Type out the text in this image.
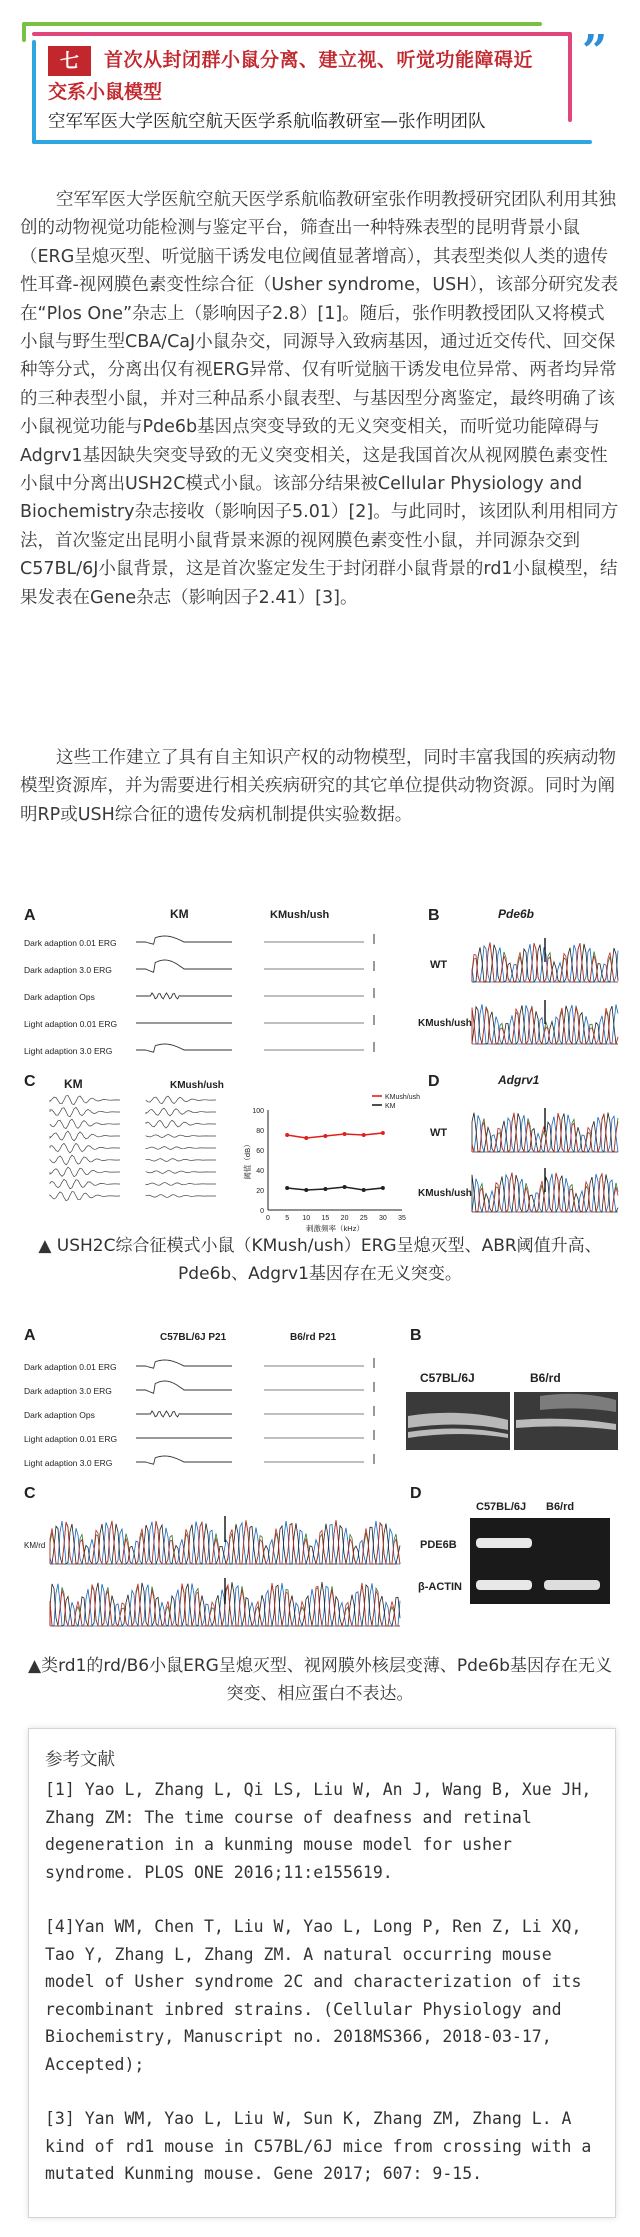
”
七	首次从封闭群小鼠分离、建立视、听觉功能障碍近
交系小鼠模型
空军军医大学医航空航天医学系航临教研室—张作明团队
空军军医大学医航空航天医学系航临教研室张作明教授研究团队利用其独创的动物视觉功能检测与鉴定平台，筛查出一种特殊表型的昆明背景小鼠（ERG呈熄灭型、听觉脑干诱发电位阈值显著增高），其表型类似人类的遗传性耳聋-视网膜色素变性综合征（Usher syndrome，USH），该部分研究发表在“Plos One”杂志上（影响因子2.8）[1]。随后，张作明教授团队又将模式小鼠与野生型CBA/CaJ小鼠杂交，同源导入致病基因，通过近交传代、回交保种等分式，分离出仅有视ERG异常、仅有听觉脑干诱发电位异常、两者均异常的三种表型小鼠，并对三种品系小鼠表型、与基因型分离鉴定，最终明确了该小鼠视觉功能与Pde6b基因点突变导致的无义突变相关，而听觉功能障碍与Adgrv1基因缺失突变导致的无义突变相关，这是我国首次从视网膜色素变性小鼠中分离出USH2C模式小鼠。该部分结果被Cellular Physiology and Biochemistry杂志接收（影响因子5.01）[2]。与此同时，该团队利用相同方法，首次鉴定出昆明小鼠背景来源的视网膜色素变性小鼠，并同源杂交到C57BL/6J小鼠背景，这是首次鉴定发生于封闭群小鼠背景的rd1小鼠模型，结果发表在Gene杂志（影响因子2.41）[3]。
这些工作建立了具有自主知识产权的动物模型，同时丰富我国的疾病动物模型资源库，并为需要进行相关疾病研究的其它单位提供动物资源。同时为阐明RP或USH综合征的遗传发病机制提供实验数据。
A	KM	KMush/ush
Dark adaption 0.01 ERG
Dark adaption 3.0 ERG
Dark adaption Ops
Light adaption 0.01 ERG
Light adaption 3.0 ERG
B	Pde6b
WT
KMush/ush
C KM	KMush/ush
0
20
40
60
80
100
0 5 10 15 20 25 30 35
刺激频率（kHz）
阈值（dB）
KMush/ush
KM
D	Adgrv1
WT
KMush/ush
▲ USH2C综合征模式小鼠（KMush/ush）ERG呈熄灭型、ABR阈值升高、Pde6b、Adgrv1基因存在无义突变。
A	C57BL/6J P21	B6/rd P21
Dark adaption 0.01 ERG
Dark adaption 3.0 ERG
Dark adaption Ops
Light adaption 0.01 ERG
Light adaption 3.0 ERG
B
C57BL/6J	B6/rd
C
KM/rd
D
C57BL/6J B6/rd
PDE6B
β-ACTIN
▲类rd1的rd/B6小鼠ERG呈熄灭型、视网膜外核层变薄、Pde6b基因存在无义突变、相应蛋白不表达。
参考文献
[1] Yao L, Zhang L, Qi LS, Liu W, An J, Wang B, Xue JH, Zhang ZM: The time course of deafness and retinal degeneration in a kunming mouse model for usher syndrome. PLOS ONE 2016;11:e155619.
[4]Yan WM, Chen T, Liu W, Yao L, Long P, Ren Z, Li XQ, Tao Y, Zhang L, Zhang ZM. A natural occurring mouse model of Usher syndrome 2C and characterization of its recombinant inbred strains. (Cellular Physiology and Biochemistry, Manuscript no. 2018MS366, 2018-03-17, Accepted);
[3] Yan WM, Yao L, Liu W, Sun K, Zhang ZM, Zhang L. A kind of rd1 mouse in C57BL/6J mice from crossing with a mutated Kunming mouse. Gene 2017; 607: 9-15.
